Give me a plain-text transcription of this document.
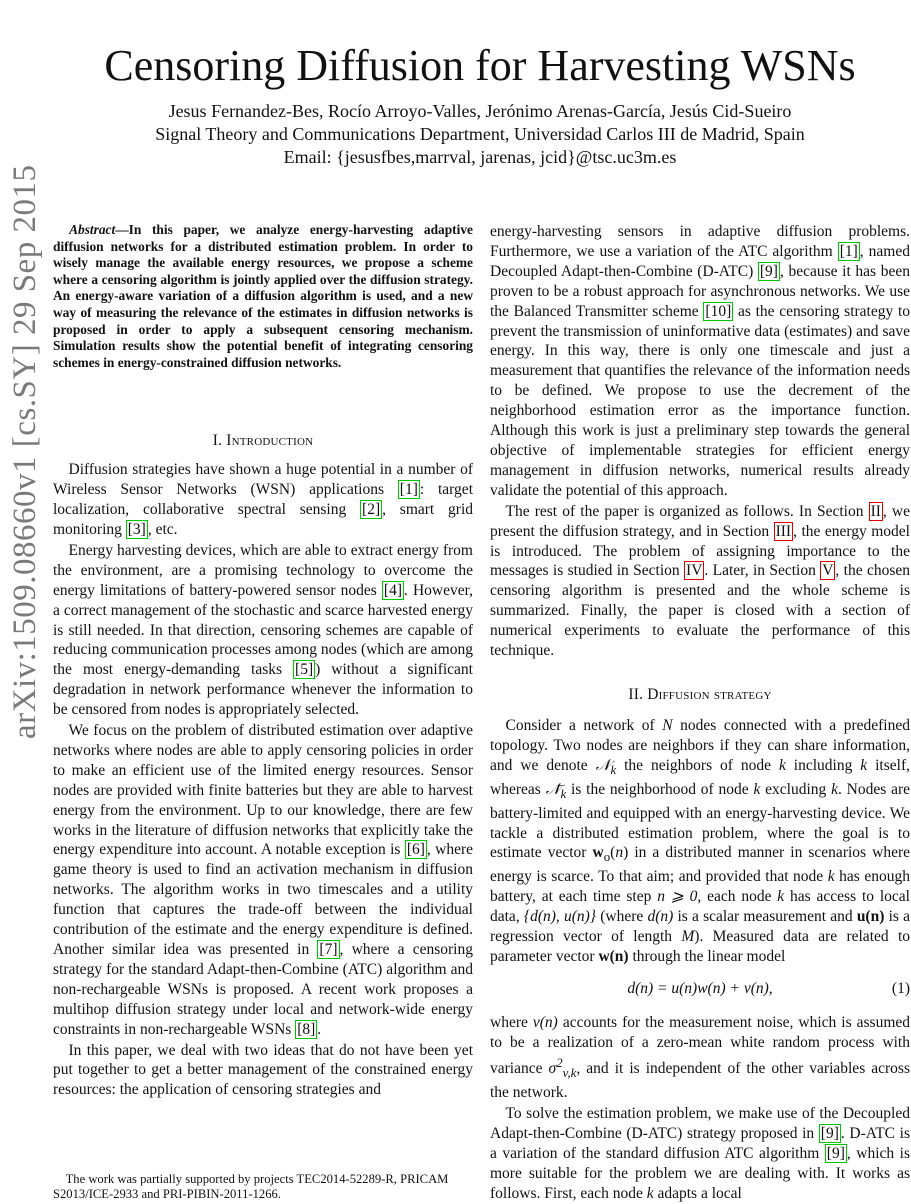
arXiv:1509.08660v1 [cs.SY] 29 Sep 2015
Censoring Diffusion for Harvesting WSNs
Jesus Fernandez-Bes, Rocío Arroyo-Valles, Jerónimo Arenas-García, Jesús Cid-Sueiro
Signal Theory and Communications Department, Universidad Carlos III de Madrid, Spain
Email: {jesusfbes,marrval, jarenas, jcid}@tsc.uc3m.es

Abstract—In this paper, we analyze energy-harvesting adaptive diffusion networks for a distributed estimation problem. In order to wisely manage the available energy resources, we propose a scheme where a censoring algorithm is jointly applied over the diffusion strategy. An energy-aware variation of a diffusion algorithm is used, and a new way of measuring the relevance of the estimates in diffusion networks is proposed in order to apply a subsequent censoring mechanism. Simulation results show the potential benefit of integrating censoring schemes in energy-constrained diffusion networks.

I. Introduction

Diffusion strategies have shown a huge potential in a number of Wireless Sensor Networks (WSN) applications [1] : target localization, collaborative spectral sensing [2] , smart grid monitoring [3] , etc.

Energy harvesting devices, which are able to extract energy from the environment, are a promising technology to overcome the energy limitations of battery-powered sensor nodes [4] . However, a correct management of the stochastic and scarce harvested energy is still needed. In that direction, censoring schemes are capable of reducing communication processes among nodes (which are among the most energy-demanding tasks [5] ) without a significant degradation in network performance whenever the information to be censored from nodes is appropriately selected.

We focus on the problem of distributed estimation over adaptive networks where nodes are able to apply censoring policies in order to make an efficient use of the limited energy resources. Sensor nodes are provided with finite batteries but they are able to harvest energy from the environment. Up to our knowledge, there are few works in the literature of diffusion networks that explicitly take the energy expenditure into account. A notable exception is [6] , where game theory is used to find an activation mechanism in diffusion networks. The algorithm works in two timescales and a utility function that captures the trade-off between the individual contribution of the estimate and the energy expenditure is defined. Another similar idea was presented in [7] , where a censoring strategy for the standard Adapt-then-Combine (ATC) algorithm and non-rechargeable WSNs is proposed. A recent work proposes a multihop diffusion strategy under local and network-wide energy constraints in non-rechargeable WSNs [8] .

In this paper, we deal with two ideas that do not have been yet put together to get a better management of the constrained energy resources: the application of censoring strategies and

energy-harvesting sensors in adaptive diffusion problems. Furthermore, we use a variation of the ATC algorithm [1] , named Decoupled Adapt-then-Combine (D-ATC) [9] , because it has been proven to be a robust approach for asynchronous networks. We use the Balanced Transmitter scheme [10] as the censoring strategy to prevent the transmission of uninformative data (estimates) and save energy. In this way, there is only one timescale and just a measurement that quantifies the relevance of the information needs to be defined. We propose to use the decrement of the neighborhood estimation error as the importance function. Although this work is just a preliminary step towards the general objective of implementable strategies for efficient energy management in diffusion networks, numerical results already validate the potential of this approach.

The rest of the paper is organized as follows. In Section II , we present the diffusion strategy, and in Section III , the energy model is introduced. The problem of assigning importance to the messages is studied in Section IV . Later, in Section V , the chosen censoring algorithm is presented and the whole scheme is summarized. Finally, the paper is closed with a section of numerical experiments to evaluate the performance of this technique.

II. Diffusion strategy

Consider a network of N nodes connected with a predefined topology. Two nodes are neighbors if they can share information, and we denote 𝒩$_k$ the neighbors of node k including k itself, whereas $𝒩̄_k$ is the neighborhood of node k excluding k. Nodes are battery-limited and equipped with an energy-harvesting device. We tackle a distributed estimation problem, where the goal is to estimate vector $w_o(n)$ in a distributed manner in scenarios where energy is scarce. To that aim; and provided that node k has enough battery, at each time step n ⩾ 0, each node k has access to local data, {d(n), u(n)} (where d(n) is a scalar measurement and u(n) is a regression vector of length M). Measured data are related to parameter vector w(n) through the linear model

d(n) = u(n)w(n) + v(n),	(1)

where v(n) accounts for the measurement noise, which is assumed to be a realization of a zero-mean white random process with variance $\sigma^2_{v,k}$, and it is independent of the other variables across the network.

To solve the estimation problem, we make use of the Decoupled Adapt-then-Combine (D-ATC) strategy proposed in [9] . D-ATC is a variation of the standard diffusion ATC algorithm [9] , which is more suitable for the problem we are dealing with. It works as follows. First, each node k adapts a local

The work was partially supported by projects TEC2014-52289-R, PRICAM S2013/ICE-2933 and PRI-PIBIN-2011-1266.
